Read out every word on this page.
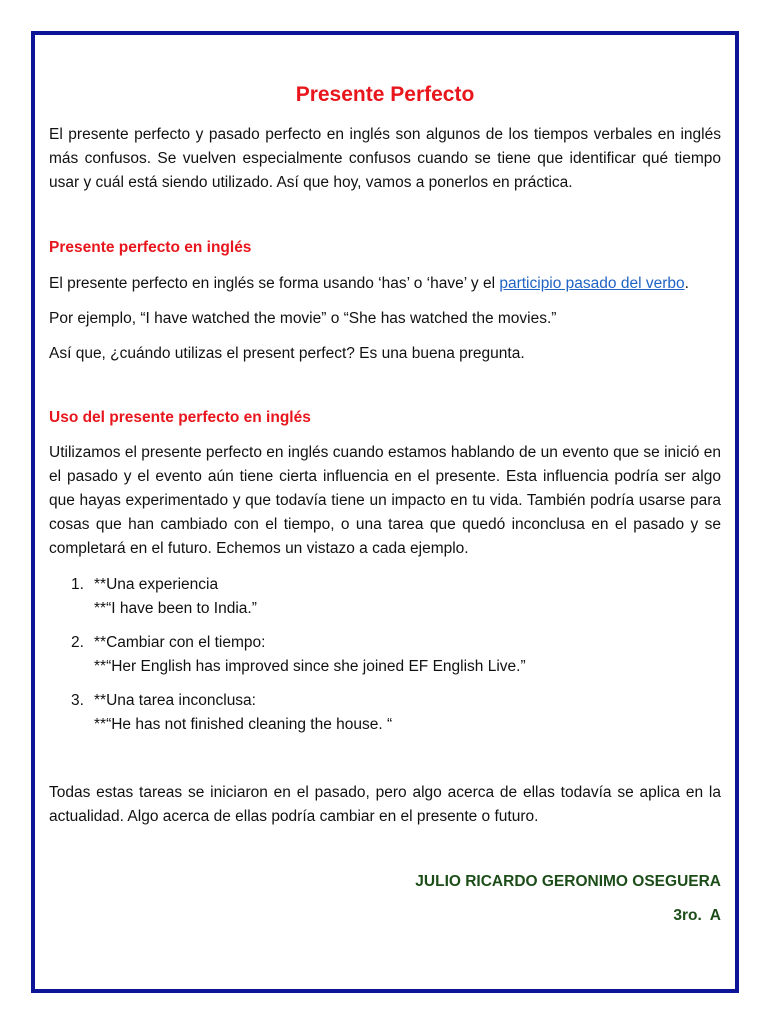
Presente Perfecto

El presente perfecto y pasado perfecto en inglés son algunos de los tiempos verbales en inglés más confusos. Se vuelven especialmente confusos cuando se tiene que identificar qué tiempo usar y cuál está siendo utilizado. Así que hoy, vamos a ponerlos en práctica.

Presente perfecto en inglés

El presente perfecto en inglés se forma usando ‘has’ o ‘have’ y el participio pasado del verbo.

Por ejemplo, “I have watched the movie” o “She has watched the movies.”

Así que, ¿cuándo utilizas el present perfect? Es una buena pregunta.

Uso del presente perfecto en inglés

Utilizamos el presente perfecto en inglés cuando estamos hablando de un evento que se inició en el pasado y el evento aún tiene cierta influencia en el presente. Esta influencia podría ser algo que hayas experimentado y que todavía tiene un impacto en tu vida. También podría usarse para cosas que han cambiado con el tiempo, o una tarea que quedó inconclusa en el pasado y se completará en el futuro. Echemos un vistazo a cada ejemplo.

1. **Una experiencia
**“I have been to India.”
2. **Cambiar con el tiempo:
**“Her English has improved since she joined EF English Live.”
3. **Una tarea inconclusa:
**“He has not finished cleaning the house. “

Todas estas tareas se iniciaron en el pasado, pero algo acerca de ellas todavía se aplica en la actualidad. Algo acerca de ellas podría cambiar en el presente o futuro.

JULIO RICARDO GERONIMO OSEGUERA

3ro.  A
